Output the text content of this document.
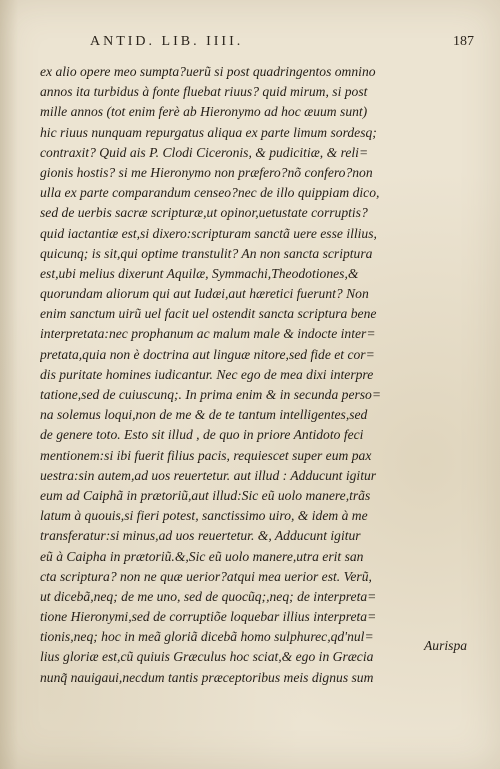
ANTID. LIB. IIII.	187
ex alio opere meo sumpta?uerũ si post quadringentos omnino
annos ita turbidus à fonte fluebat riuus? quid mirum, si post
mille annos (tot enim ferè ab Hieronymo ad hoc æuum sunt)
hic riuus nunquam repurgatus aliqua ex parte limum sordesq;
contraxit? Quid ais P. Clodi Ciceronis, & pudicitiæ, & reli=
gionis hostis? si me Hieronymo non præfero?nõ confero?non
ulla ex parte comparandum censeo?nec de illo quippiam dico,
sed de uerbis sacræ scripturæ,ut opinor,uetustate corruptis?
quid iactantiæ est,si dixero:scripturam sanctã uere esse illius,
quicunq; is sit,qui optime transtulit? An non sancta scriptura
est,ubi melius dixerunt Aquilæ, Symmachi,Theodotiones,&
quorundam aliorum qui aut Iudæi,aut hæretici fuerunt? Non
enim sanctum uirũ uel facit uel ostendit sancta scriptura bene
interpretata:nec prophanum ac malum male & indocte inter=
pretata,quia non è doctrina aut linguæ nitore,sed fide et cor=
dis puritate homines iudicantur. Nec ego de mea dixi interpre
tatione,sed de cuiuscunq;. In prima enim & in secunda perso=
na solemus loqui,non de me & de te tantum intelligentes,sed
de genere toto. Esto sit illud , de quo in priore Antidoto feci
mentionem:si ibi fuerit filius pacis, requiescet super eum pax
uestra:sin autem,ad uos reuertetur. aut illud : Adducunt igitur
eum ad Caiphã in prætoriũ,aut illud:Sic eũ uolo manere,trãs
latum à quouis,si fieri potest, sanctissimo uiro, & idem à me
transferatur:si minus,ad uos reuertetur. &, Adducunt igitur
eũ à Caipha in prætoriũ.&,Sic eũ uolo manere,utra erit san
cta scriptura? non ne quæ uerior?atqui mea uerior est. Verũ,
ut dicebã,neq; de me uno, sed de quocũq;,neq; de interpreta=
tione Hieronymi,sed de corruptiõe loquebar illius interpreta=
tionis,neq; hoc in meã gloriã dicebã homo sulphurec,qd'nul=
lius gloriæ est,cũ quiuis Græculus hoc sciat,& ego in Græcia
nunq̃ nauigaui,necdum tantis præceptoribus meis dignus sum
Aurispa
